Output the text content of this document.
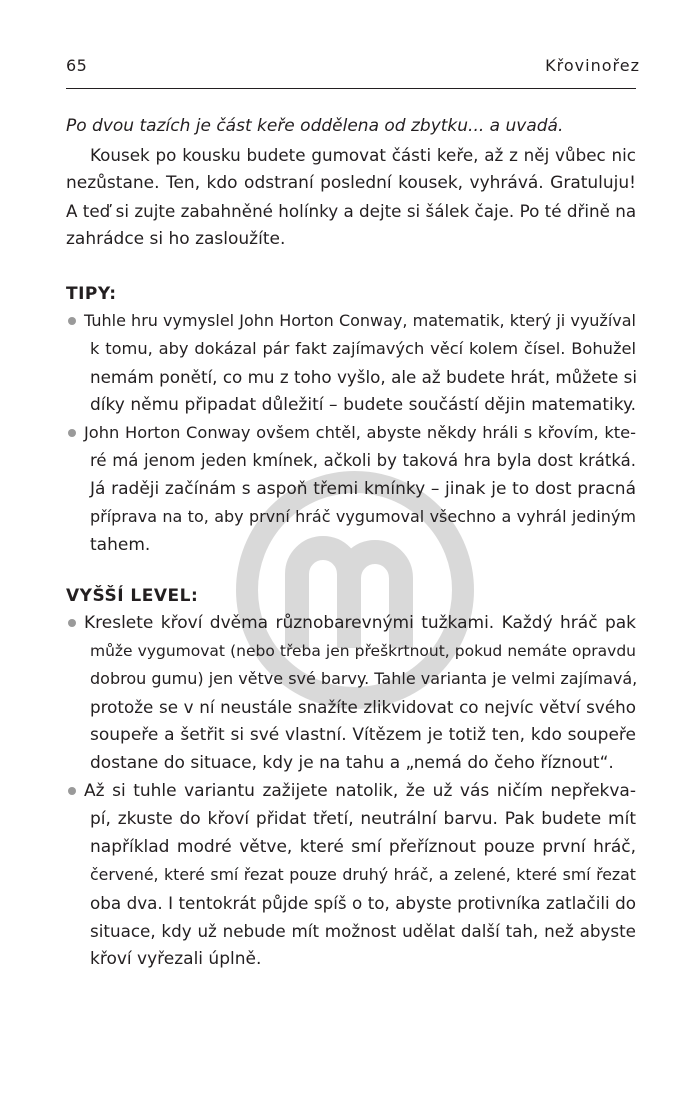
65	Křovinořez
Po dvou tazích je část keře oddělena od zbytku... a uvadá.
Kousek po kousku budete gumovat části keře, až z něj vůbec nic
nezůstane. Ten, kdo odstraní poslední kousek, vyhrává. Gratuluju!
A teď si zujte zabahněné holínky a dejte si šálek čaje. Po té dřině na
zahrádce si ho zasloužíte.
TIPY:
Tuhle hru vymyslel John Horton Conway, matematik, který ji využíval
k tomu, aby dokázal pár fakt zajímavých věcí kolem čísel. Bohužel
nemám ponětí, co mu z toho vyšlo, ale až budete hrát, můžete si
díky němu připadat důležití – budete součástí dějin matematiky.
John Horton Conway ovšem chtěl, abyste někdy hráli s křovím, kte-
ré má jenom jeden kmínek, ačkoli by taková hra byla dost krátká.
Já raději začínám s aspoň třemi kmínky – jinak je to dost pracná
příprava na to, aby první hráč vygumoval všechno a vyhrál jediným
tahem.
VYŠŠÍ LEVEL:
Kreslete křoví dvěma různobarevnými tužkami. Každý hráč pak
může vygumovat (nebo třeba jen přeškrtnout, pokud nemáte opravdu
dobrou gumu) jen větve své barvy. Tahle varianta je velmi zajímavá,
protože se v ní neustále snažíte zlikvidovat co nejvíc větví svého
soupeře a šetřit si své vlastní. Vítězem je totiž ten, kdo soupeře
dostane do situace, kdy je na tahu a „nemá do čeho říznout“.
Až si tuhle variantu zažijete natolik, že už vás ničím nepřekva-
pí, zkuste do křoví přidat třetí, neutrální barvu. Pak budete mít
například modré větve, které smí přeříznout pouze první hráč,
červené, které smí řezat pouze druhý hráč, a zelené, které smí řezat
oba dva. I tentokrát půjde spíš o to, abyste protivníka zatlačili do
situace, kdy už nebude mít možnost udělat další tah, než abyste
křoví vyřezali úplně.
